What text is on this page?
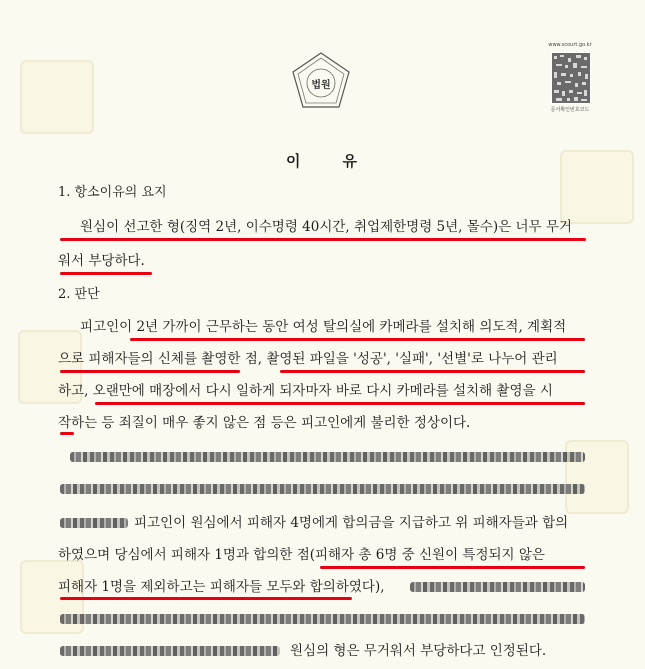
법원
www.scourt.go.kr
문서확인번호코드
이	유
1. 항소이유의 요지
원심이 선고한 형(징역 2년, 이수명령 40시간, 취업제한명령 5년, 몰수)은 너무 무거
워서 부당하다.
2. 판단
피고인이 2년 가까이 근무하는 동안 여성 탈의실에 카메라를 설치해 의도적, 계획적
으로 피해자들의 신체를 촬영한 점, 촬영된 파일을 '성공', '실패', '선별'로 나누어 관리
하고, 오랜만에 매장에서 다시 일하게 되자마자 바로 다시 카메라를 설치해 촬영을 시
작하는 등 죄질이 매우 좋지 않은 점 등은 피고인에게 불리한 정상이다.
피고인이 원심에서 피해자 4명에게 합의금을 지급하고 위 피해자들과 합의
하였으며 당심에서 피해자 1명과 합의한 점(피해자 총 6명 중 신원이 특정되지 않은
피해자 1명을 제외하고는 피해자들 모두와 합의하였다),
원심의 형은 무거워서 부당하다고 인정된다.
